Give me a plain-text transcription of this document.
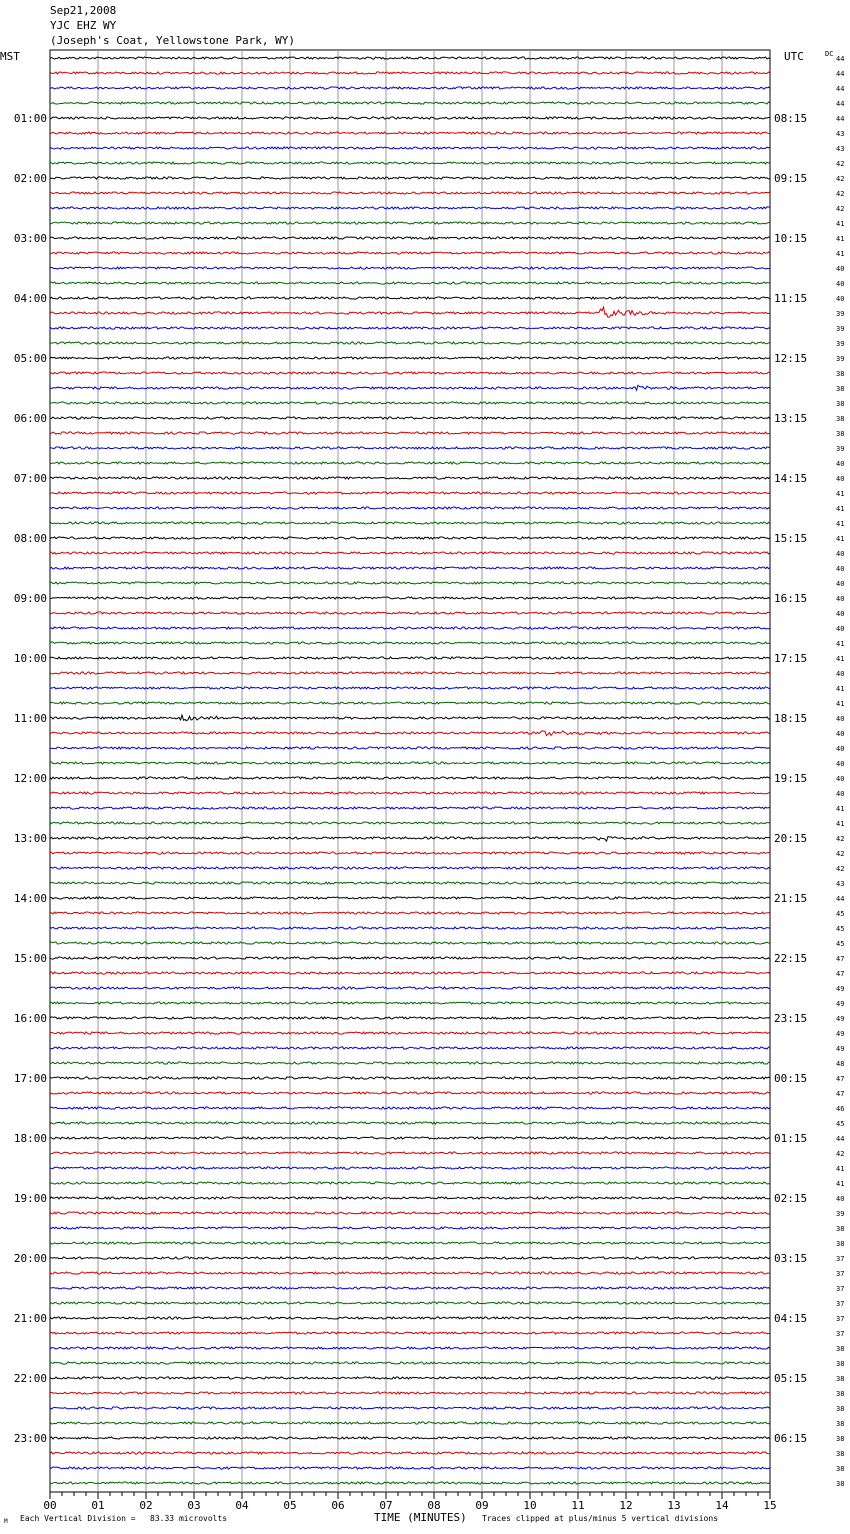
Sep21,2008
YJC EHZ WY
(Joseph's Coat, Yellowstone Park, WY)
00	01	02	03	04	05	06	07	08	09	10	11	12	13	14	15
01:00
02:00
03:00
04:00
05:00
06:00
07:00
08:00
09:00
10:00
11:00
12:00
13:00
14:00
15:00
16:00
17:00
18:00
19:00
20:00
21:00
22:00
23:00
08:15
09:15
10:15
11:15
12:15
13:15
14:15
15:15
16:15
17:15
18:15
19:15
20:15
21:15
22:15
23:15
00:15
01:15
02:15
03:15
04:15
05:15
06:15
44
44
44
44
44
43
43
42
42
42
42
41
41
41
40
40
40
39
39
39
39
38
38
38
38
38
39
40
40
41
41
41
41
40
40
40
40
40
40
41
41
40
41
41
40
40
40
40
40
40
41
41
42
42
42
43
44
45
45
45
47
47
49
49
49
49
49
48
47
47
46
45
44
42
41
41
40
39
38
38
37
37
37
37
37
37
38
38
38
38
38
38
38
38
38
38
MST	UTC	DC
TIME (MINUTES)
M Each Vertical Division =   83.33 microvolts	Traces clipped at plus/minus 5 vertical divisions
